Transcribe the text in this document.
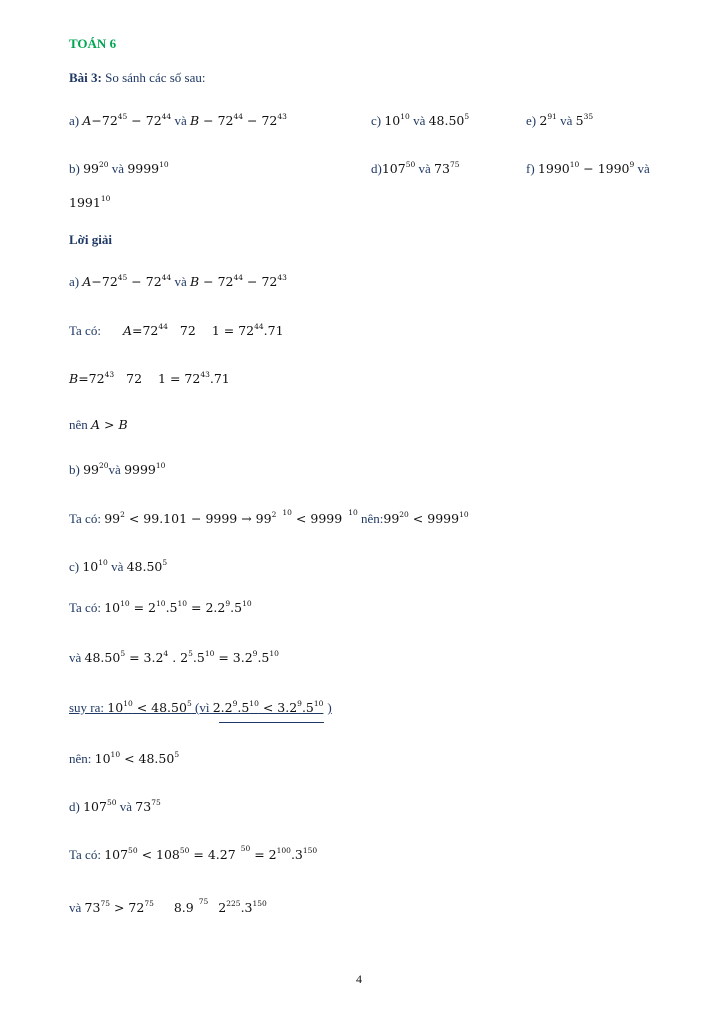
TOÁN 6
Bài 3: So sánh các số sau:
a) $A-72^{45} - 72^{44}$ và $B - 72^{44} - 72^{43}$	c) $10^{10}$ và 48.50$^5$	e) $2^{91}$ và $5^{35}$
b) $99^{20}$ và 9999$^{10}$	$d)107^{50}$ và $73^{75}$	f) $1990^{10} - 1990^9$ và
1991$^{10}$
Lời giải
a) $A-72^{45} - 72^{44}$ và $B - 72^{44} - 72^{43}$
Ta có: $A=72^{44}$ 72 $1 = 72^{44}.71$
$B=72^{43}$ 72 $1 = 72^{43}.71$
nên A > B
b) $99^{20}và$ 9999$^{10}$
Ta có: $99^2 < 99.101 - 9999 \to 99^2$ $^{10}$ < 9999 $^{10}$ $nên:99^{20} < 9999^{10}$
c) $10^{10}$ và 48.50$^5$
Ta có: $10^{10} = 2^{10}.5^{10} = 2.2^9.5^{10}$
và $48.50^5 = 3.2^4$ . $2^5.5^{10} = 3.2^9.5^{10}$
suy ra: $10^{10} < 48.50^5$ (vì $2.2^9.5^{10} < 3.2^9.5^{10}$ )
nên: $10^{10} < 48.50^5$
d) $107^{50}$ và $73^{75}$
Ta có: $107^{50} < 108^{50} = 4.27$ $^{50} = 2^{100}.3^{150}$
và $73^{75} > 72^{75}$ 8.9 $^{75}$ $2^{225}.3^{150}$
4
